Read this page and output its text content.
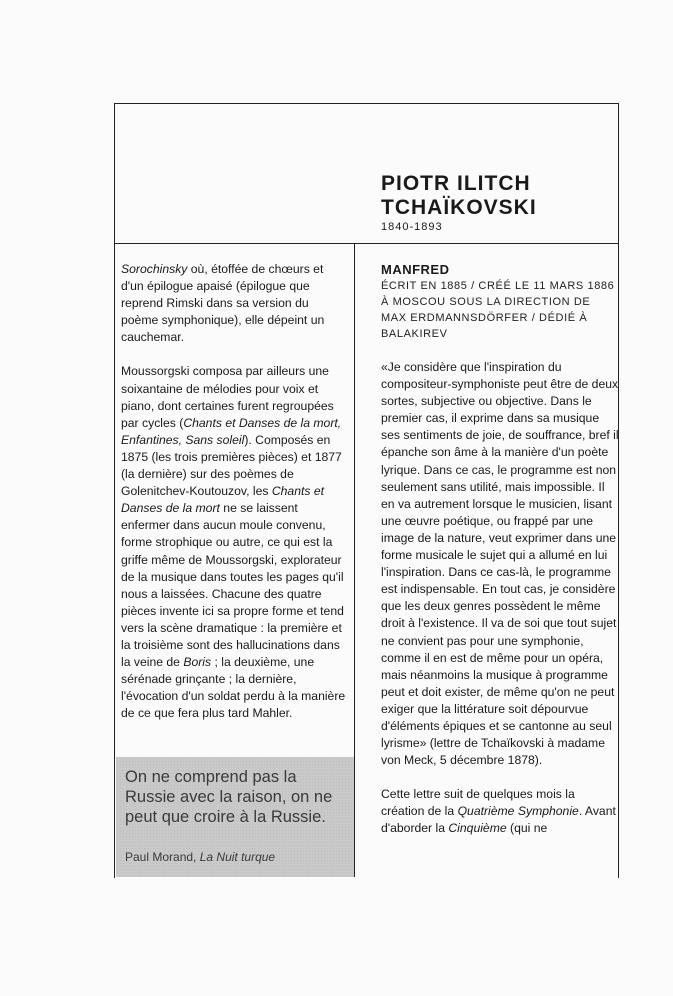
PIOTR ILITCH
TCHAÏKOVSKI
1840-1893

Sorochinsky où, étoffée de chœurs et d'un épilogue apaisé (épilogue que reprend Rimski dans sa version du poème symphonique), elle dépeint un cauchemar.

Moussorgski composa par ailleurs une soixantaine de mélodies pour voix et piano, dont certaines furent regroupées par cycles (Chants et Danses de la mort, Enfantines, Sans soleil). Composés en 1875 (les trois premières pièces) et 1877 (la dernière) sur des poèmes de Golenitchev-Koutouzov, les Chants et Danses de la mort ne se laissent enfermer dans aucun moule convenu, forme strophique ou autre, ce qui est la griffe même de Moussorgski, explorateur de la musique dans toutes les pages qu'il nous a laissées. Chacune des quatre pièces invente ici sa propre forme et tend vers la scène dramatique : la première et la troisième sont des hallucinations dans la veine de Boris ; la deuxième, une sérénade grinçante ; la dernière, l'évocation d'un soldat perdu à la manière de ce que fera plus tard Mahler.

On ne comprend pas la Russie avec la raison, on ne peut que croire à la Russie.
Paul Morand, La Nuit turque
MANFRED
ÉCRIT EN 1885 / CRÉÉ LE 11 MARS 1886 À MOSCOU SOUS LA DIRECTION DE MAX ERDMANNSDÖRFER / DÉDIÉ À BALAKIREV

«Je considère que l'inspiration du compositeur-symphoniste peut être de deux sortes, subjective ou objective. Dans le premier cas, il exprime dans sa musique ses sentiments de joie, de souffrance, bref il épanche son âme à la manière d'un poète lyrique. Dans ce cas, le programme est non seulement sans utilité, mais impossible. Il en va autrement lorsque le musicien, lisant une œuvre poétique, ou frappé par une image de la nature, veut exprimer dans une forme musicale le sujet qui a allumé en lui l'inspiration. Dans ce cas-là, le programme est indispensable. En tout cas, je considère que les deux genres possèdent le même droit à l'existence. Il va de soi que tout sujet ne convient pas pour une symphonie, comme il en est de même pour un opéra, mais néanmoins la musique à programme peut et doit exister, de même qu'on ne peut exiger que la littérature soit dépourvue d'éléments épiques et se cantonne au seul lyrisme» (lettre de Tchaïkovski à madame von Meck, 5 décembre 1878).

Cette lettre suit de quelques mois la création de la Quatrième Symphonie. Avant d'aborder la Cinquième (qui ne
